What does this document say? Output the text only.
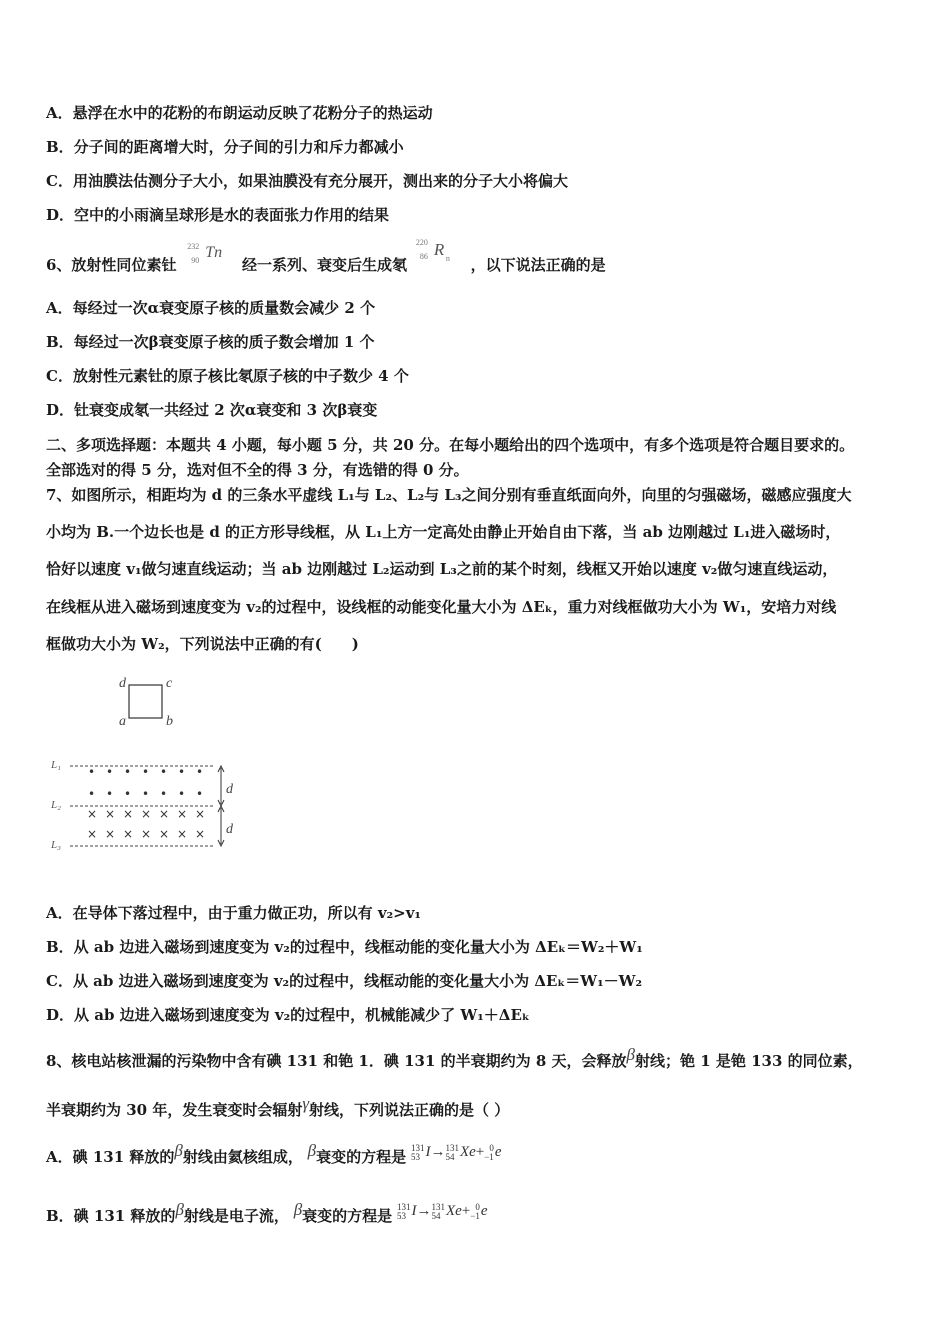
A．悬浮在水中的花粉的布朗运动反映了花粉分子的热运动
B．分子间的距离增大时，分子间的引力和斥力都减小
C．用油膜法估测分子大小，如果油膜没有充分展开，测出来的分子大小将偏大
D．空中的小雨滴呈球形是水的表面张力作用的结果
6、放射性同位素钍
232
90 Tn
经一系列、衰变后生成氡
220
86 R n ，以下说法正确的是
A．每经过一次α衰变原子核的质量数会减少 2 个
B．每经过一次β衰变原子核的质子数会增加 1 个
C．放射性元素钍的原子核比氡原子核的中子数少 4 个
D．钍衰变成氡一共经过 2 次α衰变和 3 次β衰变
二、多项选择题：本题共 4 小题，每小题 5 分，共 20 分。在每小题给出的四个选项中，有多个选项是符合题目要求的。
全部选对的得 5 分，选对但不全的得 3 分，有选错的得 0 分。
7、如图所示，相距均为 d 的三条水平虚线 L₁与 L₂、L₂与 L₃之间分别有垂直纸面向外，向里的匀强磁场，磁感应强度大
小均为 B.一个边长也是 d 的正方形导线框，从 L₁上方一定高处由静止开始自由下落，当 ab 边刚越过 L₁进入磁场时，
恰好以速度 v₁做匀速直线运动；当 ab 边刚越过 L₂运动到 L₃之前的某个时刻，线框又开始以速度 v₂做匀速直线运动，
在线框从进入磁场到速度变为 v₂的过程中，设线框的动能变化量大小为 ΔEₖ，重力对线框做功大小为 W₁，安培力对线
框做功大小为 W₂，下列说法中正确的有(　　)
d	c
a	b
L₁
L₂
L₃
• • • • • • •
• • • • • • •
× × × × × × ×
× × × × × × ×
d
d
A．在导体下落过程中，由于重力做正功，所以有 v₂>v₁
B．从 ab 边进入磁场到速度变为 v₂的过程中，线框动能的变化量大小为 ΔEₖ＝W₂＋W₁
C．从 ab 边进入磁场到速度变为 v₂的过程中，线框动能的变化量大小为 ΔEₖ＝W₁－W₂
D．从 ab 边进入磁场到速度变为 v₂的过程中，机械能减少了 W₁＋ΔEₖ
8、核电站核泄漏的污染物中含有碘 131 和铯 1．碘 131 的半衰期约为 8 天，会释放β射线；铯 1 是铯 133 的同位素，
半衰期约为 30 年，发生衰变时会辐射γ射线，下列说法正确的是（ ）
A．碘 131 释放的β射线由氦核组成， β衰变的方程是
131
53 I→ 131
54 Xe+ 0
−1 e
B．碘 131 释放的β射线是电子流， β衰变的方程是
131
53 I→ 131
54 Xe+ 0
−1 e
